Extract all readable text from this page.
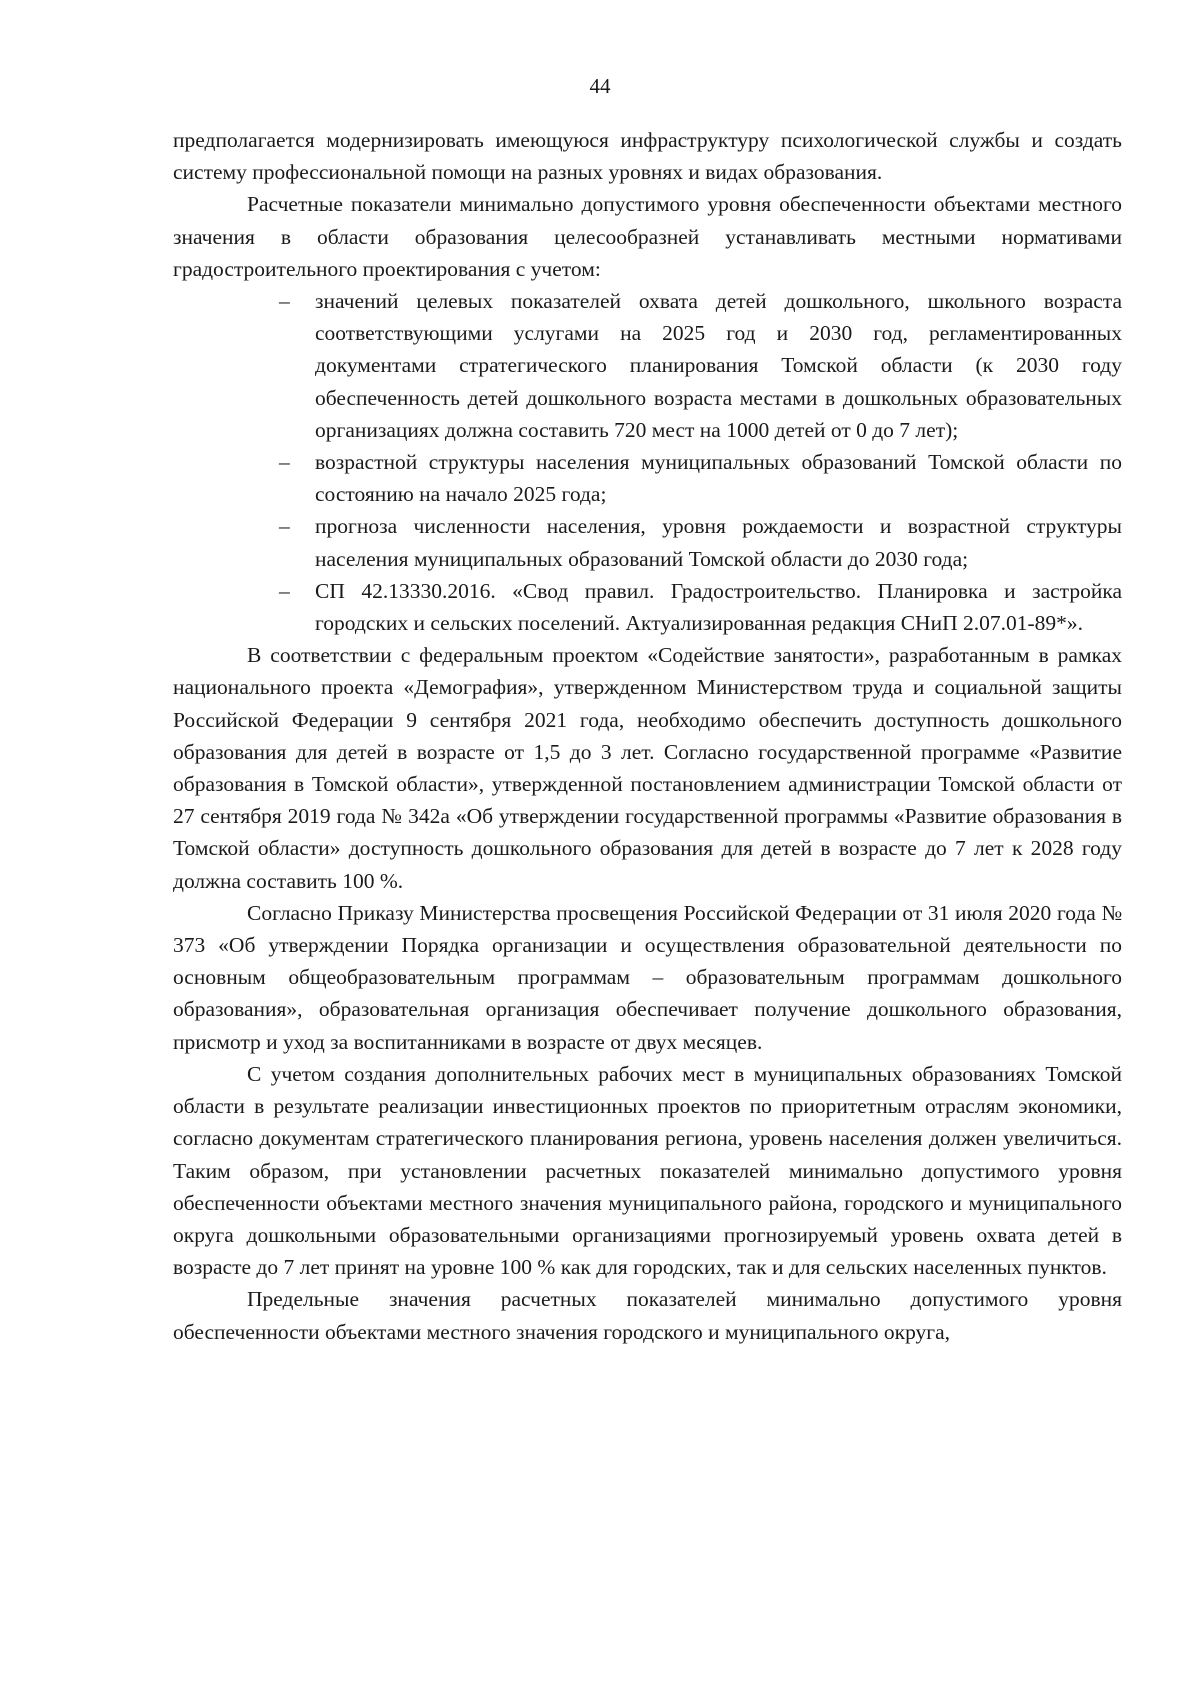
44

предполагается модернизировать имеющуюся инфраструктуру психологической службы и создать систему профессиональной помощи на разных уровнях и видах образования.

Расчетные показатели минимально допустимого уровня обеспеченности объектами местного значения в области образования целесообразней устанавливать местными нормативами градостроительного проектирования с учетом:

– значений целевых показателей охвата детей дошкольного, школьного возраста соответствующими услугами на 2025 год и 2030 год, регламентированных документами стратегического планирования Томской области (к 2030 году обеспеченность детей дошкольного возраста местами в дошкольных образовательных организациях должна составить 720 мест на 1000 детей от 0 до 7 лет);
– возрастной структуры населения муниципальных образований Томской области по состоянию на начало 2025 года;
– прогноза численности населения, уровня рождаемости и возрастной структуры населения муниципальных образований Томской области до 2030 года;
– СП 42.13330.2016. «Свод правил. Градостроительство. Планировка и застройка городских и сельских поселений. Актуализированная редакция СНиП 2.07.01-89*».

В соответствии с федеральным проектом «Содействие занятости», разработанным в рамках национального проекта «Демография», утвержденном Министерством труда и социальной защиты Российской Федерации 9 сентября 2021 года, необходимо обеспечить доступность дошкольного образования для детей в возрасте от 1,5 до 3 лет. Согласно государственной программе «Развитие образования в Томской области», утвержденной постановлением администрации Томской области от 27 сентября 2019 года № 342а «Об утверждении государственной программы «Развитие образования в Томской области» доступность дошкольного образования для детей в возрасте до 7 лет к 2028 году должна составить 100 %.

Согласно Приказу Министерства просвещения Российской Федерации от 31 июля 2020 года № 373 «Об утверждении Порядка организации и осуществления образовательной деятельности по основным общеобразовательным программам – образовательным программам дошкольного образования», образовательная организация обеспечивает получение дошкольного образования, присмотр и уход за воспитанниками в возрасте от двух месяцев.

С учетом создания дополнительных рабочих мест в муниципальных образованиях Томской области в результате реализации инвестиционных проектов по приоритетным отраслям экономики, согласно документам стратегического планирования региона, уровень населения должен увеличиться. Таким образом, при установлении расчетных показателей минимально допустимого уровня обеспеченности объектами местного значения муниципального района, городского и муниципального округа дошкольными образовательными организациями прогнозируемый уровень охвата детей в возрасте до 7 лет принят на уровне 100 % как для городских, так и для сельских населенных пунктов.

Предельные значения расчетных показателей минимально допустимого уровня обеспеченности объектами местного значения городского и муниципального округа,
